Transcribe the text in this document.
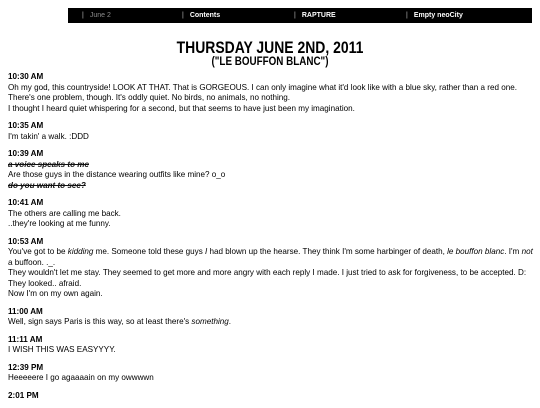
| June 2	| Contents	| RAPTURE	| Empty neoCity
THURSDAY JUNE 2ND, 2011
("LE BOUFFON BLANC")
10:30 AM
Oh my god, this countryside! LOOK AT THAT. That is GORGEOUS. I can only imagine what it'd look like with a blue sky, rather than a red one.
There's one problem, though. It's oddly quiet. No birds, no animals, no nothing.
I thought I heard quiet whispering for a second, but that seems to have just been my imagination.
10:35 AM
I'm takin' a walk. :DDD
10:39 AM
a voice speaks to me
Are those guys in the distance wearing outfits like mine? o_o
do you want to see?
10:41 AM
The others are calling me back.
..they're looking at me funny.
10:53 AM
You've got to be kidding me. Someone told these guys I had blown up the hearse. They think I'm some harbinger of death, le bouffon blanc. I'm not a buffoon. ._.
They wouldn't let me stay. They seemed to get more and more angry with each reply I made. I just tried to ask for forgiveness, to be accepted. D: They looked.. afraid.
Now I'm on my own again.
11:00 AM
Well, sign says Paris is this way, so at least there's something.
11:11 AM
I WISH THIS WAS EASYYYY.
12:39 PM
Heeeeere I go agaaaain on my owwwwn
2:01 PM
